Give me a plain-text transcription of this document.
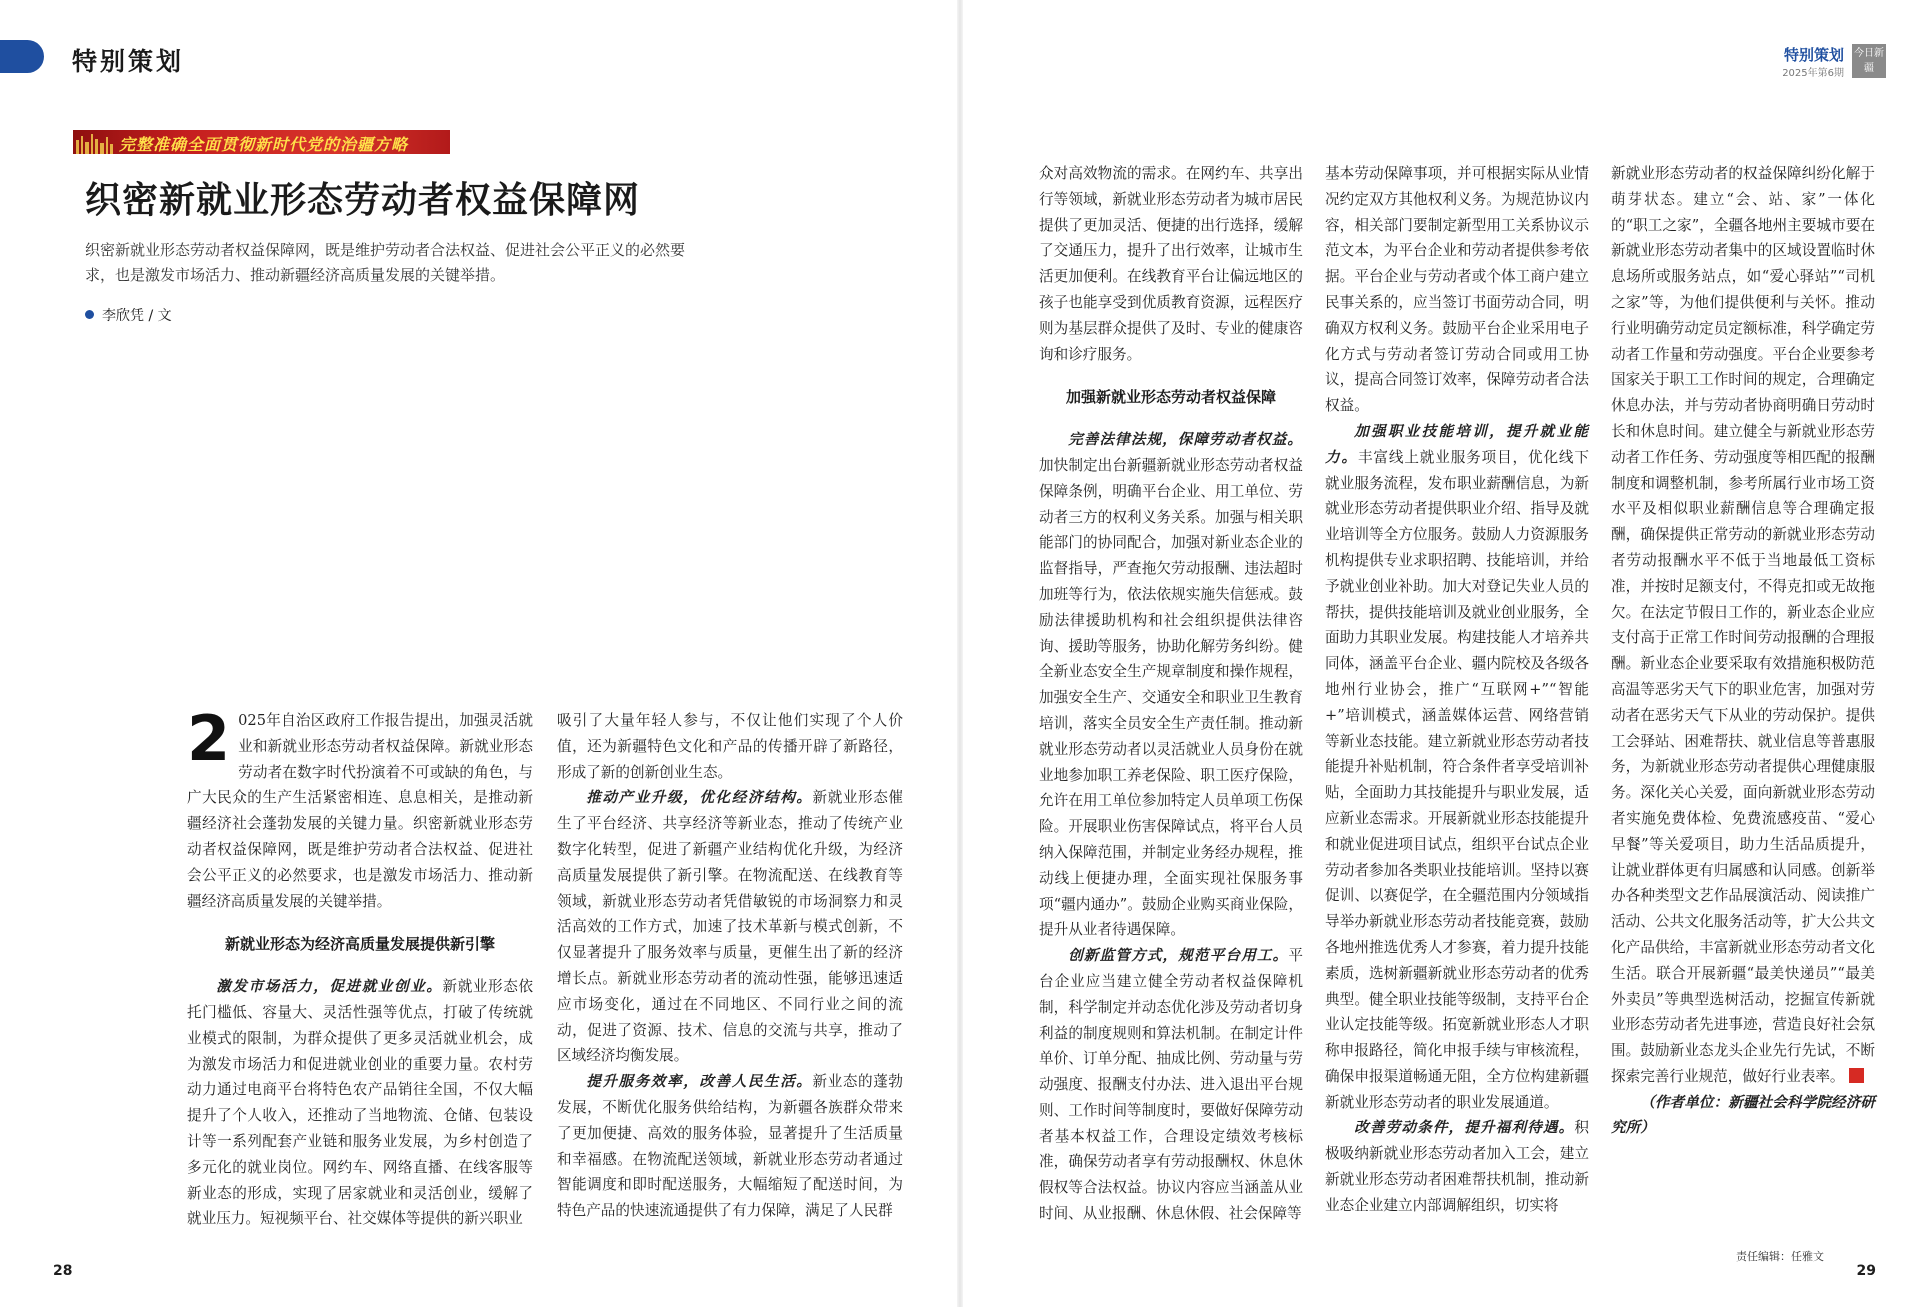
特别策划	特别策划
2025年第6期
今日新疆
完整准确全面贯彻新时代党的治疆方略
织密新就业形态劳动者权益保障网
织密新就业形态劳动者权益保障网，既是维护劳动者合法权益、促进社会公平正义的必然要求，也是激发市场活力、推动新疆经济高质量发展的关键举措。
李欣凭 / 文

2 025年自治区政府工作报告提出，加强灵活就业和新就业形态劳动者权益保障。新就业形态劳动者在数字时代扮演着不可或缺的角色，与广大民众的生产生活紧密相连、息息相关，是推动新疆经济社会蓬勃发展的关键力量。织密新就业形态劳动者权益保障网，既是维护劳动者合法权益、促进社会公平正义的必然要求，也是激发市场活力、推动新疆经济高质量发展的关键举措。

新就业形态为经济高质量发展提供新引擎

激发市场活力，促进就业创业。新就业形态依托门槛低、容量大、灵活性强等优点，打破了传统就业模式的限制，为群众提供了更多灵活就业机会，成为激发市场活力和促进就业创业的重要力量。农村劳动力通过电商平台将特色农产品销往全国，不仅大幅提升了个人收入，还推动了当地物流、仓储、包装设计等一系列配套产业链和服务业发展，为乡村创造了多元化的就业岗位。网约车、网络直播、在线客服等新业态的形成，实现了居家就业和灵活创业，缓解了就业压力。短视频平台、社交媒体等提供的新兴职业

吸引了大量年轻人参与，不仅让他们实现了个人价值，还为新疆特色文化和产品的传播开辟了新路径，形成了新的创新创业生态。

推动产业升级，优化经济结构。新就业形态催生了平台经济、共享经济等新业态，推动了传统产业数字化转型，促进了新疆产业结构优化升级，为经济高质量发展提供了新引擎。在物流配送、在线教育等领域，新就业形态劳动者凭借敏锐的市场洞察力和灵活高效的工作方式，加速了技术革新与模式创新，不仅显著提升了服务效率与质量，更催生出了新的经济增长点。新就业形态劳动者的流动性强，能够迅速适应市场变化，通过在不同地区、不同行业之间的流动，促进了资源、技术、信息的交流与共享，推动了区域经济均衡发展。

提升服务效率，改善人民生活。新业态的蓬勃发展，不断优化服务供给结构，为新疆各族群众带来了更加便捷、高效的服务体验，显著提升了生活质量和幸福感。在物流配送领域，新就业形态劳动者通过智能调度和即时配送服务，大幅缩短了配送时间，为特色产品的快速流通提供了有力保障，满足了人民群

众对高效物流的需求。在网约车、共享出行等领域，新就业形态劳动者为城市居民提供了更加灵活、便捷的出行选择，缓解了交通压力，提升了出行效率，让城市生活更加便利。在线教育平台让偏远地区的孩子也能享受到优质教育资源，远程医疗则为基层群众提供了及时、专业的健康咨询和诊疗服务。

加强新就业形态劳动者权益保障

完善法律法规，保障劳动者权益。加快制定出台新疆新就业形态劳动者权益保障条例，明确平台企业、用工单位、劳动者三方的权利义务关系。加强与相关职能部门的协同配合，加强对新业态企业的监督指导，严查拖欠劳动报酬、违法超时加班等行为，依法依规实施失信惩戒。鼓励法律援助机构和社会组织提供法律咨询、援助等服务，协助化解劳务纠纷。健全新业态安全生产规章制度和操作规程，加强安全生产、交通安全和职业卫生教育培训，落实全员安全生产责任制。推动新就业形态劳动者以灵活就业人员身份在就业地参加职工养老保险、职工医疗保险，允许在用工单位参加特定人员单项工伤保险。开展职业伤害保障试点，将平台人员纳入保障范围，并制定业务经办规程，推动线上便捷办理，全面实现社保服务事项“疆内通办”。鼓励企业购买商业保险，提升从业者待遇保障。

创新监管方式，规范平台用工。平台企业应当建立健全劳动者权益保障机制，科学制定并动态优化涉及劳动者切身利益的制度规则和算法机制。在制定计件单价、订单分配、抽成比例、劳动量与劳动强度、报酬支付办法、进入退出平台规则、工作时间等制度时，要做好保障劳动者基本权益工作，合理设定绩效考核标准，确保劳动者享有劳动报酬权、休息休假权等合法权益。协议内容应当涵盖从业时间、从业报酬、休息休假、社会保障等

基本劳动保障事项，并可根据实际从业情况约定双方其他权利义务。为规范协议内容，相关部门要制定新型用工关系协议示范文本，为平台企业和劳动者提供参考依据。平台企业与劳动者或个体工商户建立民事关系的，应当签订书面劳动合同，明确双方权利义务。鼓励平台企业采用电子化方式与劳动者签订劳动合同或用工协议，提高合同签订效率，保障劳动者合法权益。

加强职业技能培训，提升就业能力。丰富线上就业服务项目，优化线下就业服务流程，发布职业薪酬信息，为新就业形态劳动者提供职业介绍、指导及就业培训等全方位服务。鼓励人力资源服务机构提供专业求职招聘、技能培训，并给予就业创业补助。加大对登记失业人员的帮扶，提供技能培训及就业创业服务，全面助力其职业发展。构建技能人才培养共同体，涵盖平台企业、疆内院校及各级各地州行业协会，推广“互联网+”“智能+”培训模式，涵盖媒体运营、网络营销等新业态技能。建立新就业形态劳动者技能提升补贴机制，符合条件者享受培训补贴，全面助力其技能提升与职业发展，适应新业态需求。开展新就业形态技能提升和就业促进项目试点，组织平台试点企业劳动者参加各类职业技能培训。坚持以赛促训、以赛促学，在全疆范围内分领域指导举办新就业形态劳动者技能竞赛，鼓励各地州推选优秀人才参赛，着力提升技能素质，选树新疆新就业形态劳动者的优秀典型。健全职业技能等级制，支持平台企业认定技能等级。拓宽新就业形态人才职称申报路径，简化申报手续与审核流程，确保申报渠道畅通无阻，全方位构建新疆新就业形态劳动者的职业发展通道。

改善劳动条件，提升福利待遇。积极吸纳新就业形态劳动者加入工会，建立新就业形态劳动者困难帮扶机制，推动新业态企业建立内部调解组织，切实将

新就业形态劳动者的权益保障纠纷化解于萌芽状态。建立“会、站、家”一体化的“职工之家”，全疆各地州主要城市要在新就业形态劳动者集中的区域设置临时休息场所或服务站点，如“爱心驿站”“司机之家”等，为他们提供便利与关怀。推动行业明确劳动定员定额标准，科学确定劳动者工作量和劳动强度。平台企业要参考国家关于职工工作时间的规定，合理确定休息办法，并与劳动者协商明确日劳动时长和休息时间。建立健全与新就业形态劳动者工作任务、劳动强度等相匹配的报酬制度和调整机制，参考所属行业市场工资水平及相似职业薪酬信息等合理确定报酬，确保提供正常劳动的新就业形态劳动者劳动报酬水平不低于当地最低工资标准，并按时足额支付，不得克扣或无故拖欠。在法定节假日工作的，新业态企业应支付高于正常工作时间劳动报酬的合理报酬。新业态企业要采取有效措施积极防范高温等恶劣天气下的职业危害，加强对劳动者在恶劣天气下从业的劳动保护。提供工会驿站、困难帮扶、就业信息等普惠服务，为新就业形态劳动者提供心理健康服务。深化关心关爱，面向新就业形态劳动者实施免费体检、免费流感疫苗、“爱心早餐”等关爱项目，助力生活品质提升，让就业群体更有归属感和认同感。创新举办各种类型文艺作品展演活动、阅读推广活动、公共文化服务活动等，扩大公共文化产品供给，丰富新就业形态劳动者文化生活。联合开展新疆“最美快递员”“最美外卖员”等典型选树活动，挖掘宣传新就业形态劳动者先进事迹，营造良好社会氛围。鼓励新业态龙头企业先行先试，不断探索完善行业规范，做好行业表率。

（作者单位：新疆社会科学院经济研究所）

28
责任编辑：任雅文
29
